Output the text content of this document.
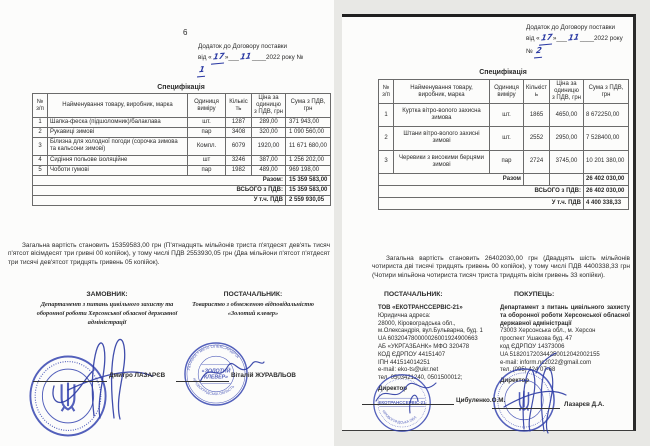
6
Додаток до Договору поставки
від «17»___11____2022 року №
1
Специфікація
№ з/п	Найменування товару, виробник, марка	Одиниця виміру	Кількість	Ціна за одиницю з ПДВ, грн	Сума з ПДВ, грн
1	Шапка-феска (підшоломник)/балаклава	шт.	1287	289,00	371 943,00
2	Рукавиці зимові	пар	3408	320,00	1 090 560,00
3	Білизна для холодної погоди (сорочка зимова та кальсони зимові)	Компл.	6079	1920,00	11 671 680,00
4	Сидіння польове ізоляційне	шт	3246	387,00	1 256 202,00
5	Чоботи гумові	пар	1982	489,00	969 198,00
Разом:					15 359 583,00
ВСЬОГО з ПДВ:					15 359 583,00
У т.ч. ПДВ					2 559 930,05

Загальна вартість становить 15359583,00 грн (П'ятнадцять мільйонів триста п'ятдесят дев'ять тисяч п'ятсот вісімдесят три гривні 00 копійок), у тому числі ПДВ 2553930,05 грн (Два мільйони п'ятсот п'ятдесят три тисячі дев'ятсот тридцять гривень 05 копійок).

ЗАМОВНИК:
Департамент з питань цивільного захисту та оборонної роботи Херсонської обласної державної адміністрації
ПОСТАЧАЛЬНИК:
Товариство з обмеженою відповідальністю «Золотий клевер»
УКРАЇНА • місто ОЛЕКСАНДРІЯ
КІРОВОГРАДСЬКА ОБЛАСТЬ
«ЗОЛОТИЙ
КЛЕВЕР»
Дмитро ЛАЗАРЄВ	Віталій ЖУРАВЛЬОВ
Додаток до Договору поставки
від «17»___11____2022 року
№ 2
Специфікація
№ з/п	Найменування товару, виробник, марка	Одиниця виміру	Кількість	Ціна за одиницю з ПДВ, грн	Сума з ПДВ, грн
1	Куртка вітро-волого захисна зимова	шт.	1865	4650,00	8 672250,00
2	Штани вітро-волого захисні зимові	шт.	2552	2950,00	7 528400,00
3	Черевики з високими берцями зимові	пар	2724	3745,00	10 201 380,00
Разом					26 402 030,00
ВСЬОГО з ПДВ:					26 402 030,00
У т.ч. ПДВ					4 400 338,33

Загальна вартість становить 26402030,00 грн (Двадцять шість мільйонів чотириста дві тисячі тридцять гривень 00 копійок), у тому числі ПДВ 4400338,33 грн (Чотири мільйона чотириста тисяч триста тридцять вісім гривень 33 копійки).

ПОСТАЧАЛЬНИК:	ПОКУПЕЦЬ:
ТОВ «ЕКОТРАНССЕРВІС-21»
Юридична адреса:
28000, Кіровоградська обл.,
м.Олександрія, вул.Бульварна, буд. 1
UA 603204780000026001924900663
АБ «УКРГАЗБАНК» МФО 320478
КОД ЄДРПОУ 44151407
ІПН 441514014251
e-mail: eko-ts@ukr.net
тел. 0503421240, 0501500012;
Директор
Департамент з питань цивільного захисту та оборонної роботи Херсонської обласної державної адміністрації
73003 Херсонська обл., м. Херсон
проспект Ушакова буд. 47
код ЄДРПОУ 14373006
UA 518201720344250012042002155
e-mail: inform.nc2022@gmail.com
тел. (095) 424 07-68
Директор
КІРОВОГРАДСЬКА ОБЛ.
ЕКОТРАНССЕРВІС-21	Цибуленко.О.М.
Лазарєв Д.А.
